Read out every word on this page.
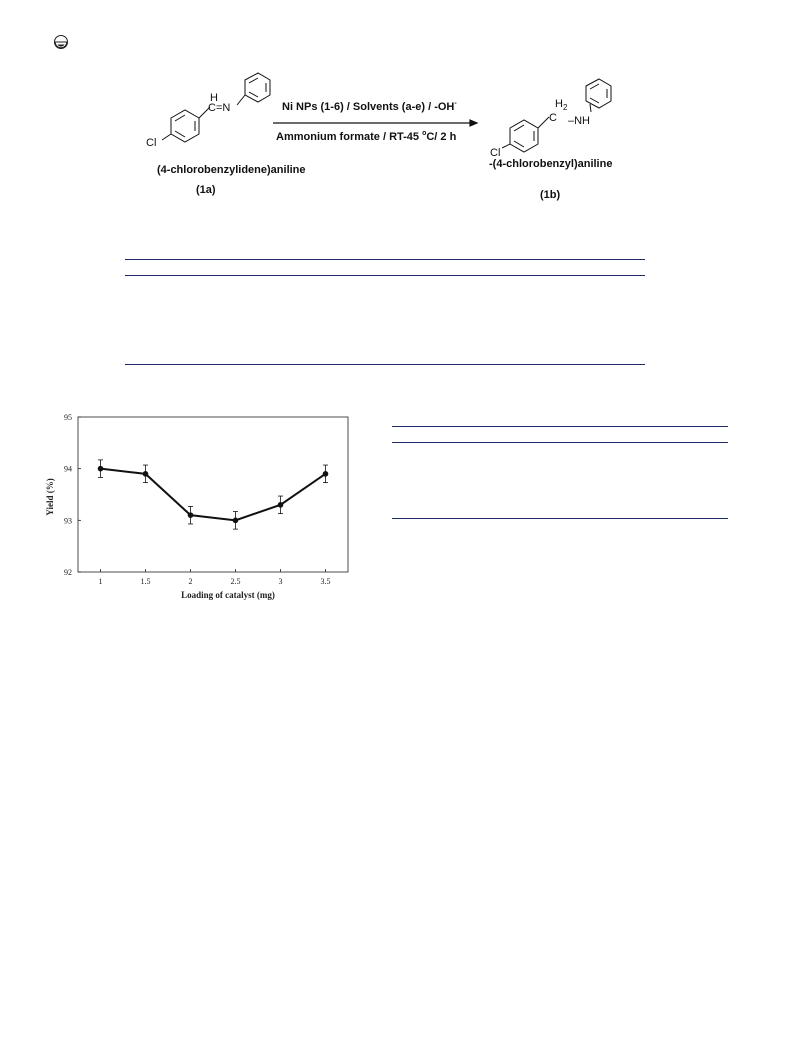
Cl
H
C=N
(4-chlorobenzylidene)aniline
(1a)
Ni NPs (1-6) / Solvents (a-e) / -OH-
Ammonium formate / RT-45 $^o$C/ 2 h
$H_2$
C –NH
Cl
-(4-chlorobenzyl)aniline
(1b)
92
93
94
95
1	1.5	2	2.5	3	3.5
Loading of catalyst (mg)
Yield (%)
